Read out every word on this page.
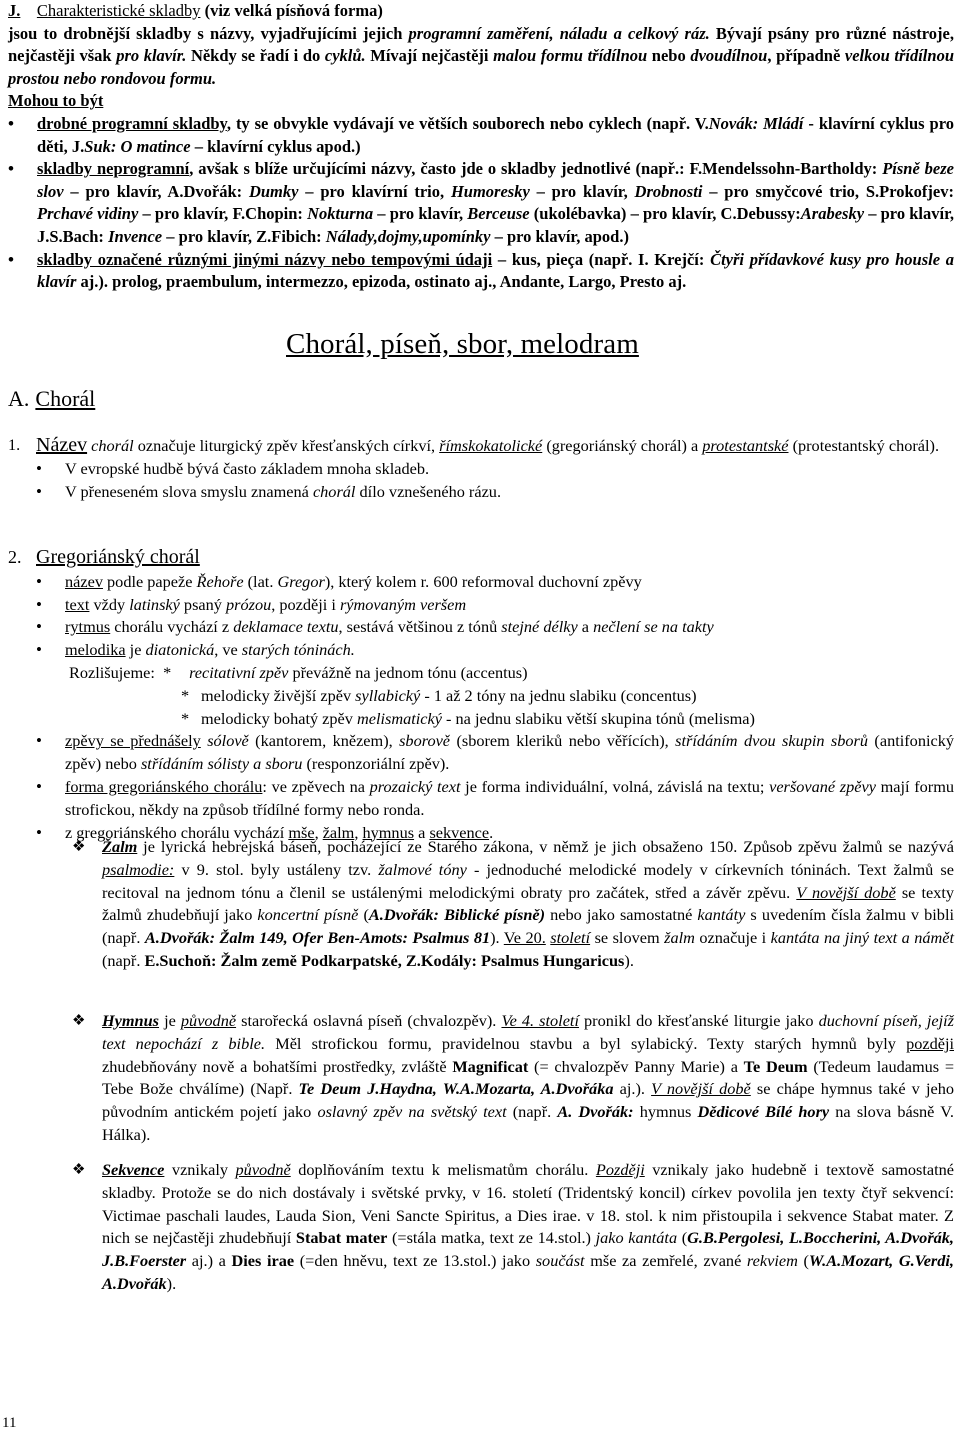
J. Charakteristické skladby (viz velká písňová forma)
jsou to drobnější skladby s názvy, vyjadřujícími jejich programní zaměření, náladu a celkový ráz. Bývají psány pro různé nástroje, nejčastěji však pro klavír. Někdy se řadí i do cyklů. Mívají nejčastěji malou formu třídílnou nebo dvoudílnou, případně velkou třídílnou prostou nebo rondovou formu.
Mohou to být
• drobné programní skladby, ty se obvykle vydávají ve větších souborech nebo cyklech (např. V.Novák: Mládí - klavírní cyklus pro děti, J.Suk: O matince – klavírní cyklus apod.)
• skladby neprogramní, avšak s blíže určujícími názvy, často jde o skladby jednotlivé (např.: F.Mendelssohn-Bartholdy: Písně beze slov – pro klavír, A.Dvořák: Dumky – pro klavírní trio, Humoresky – pro klavír, Drobnosti – pro smyčcové trio, S.Prokofjev: Prchavé vidiny – pro klavír, F.Chopin: Nokturna – pro klavír, Berceuse (ukolébavka) – pro klavír, C.Debussy:Arabesky – pro klavír, J.S.Bach: Invence – pro klavír, Z.Fibich: Nálady,dojmy,upomínky – pro klavír, apod.)
• skladby označené různými jinými názvy nebo tempovými údaji – kus, pieça (např. I. Krejčí: Čtyři přídavkové kusy pro housle a klavír aj.). prolog, praembulum, intermezzo, epizoda, ostinato aj., Andante, Largo, Presto aj.
Chorál, píseň, sbor, melodram
A. Chorál
1. Název chorál označuje liturgický zpěv křesťanských církví, římskokatolické (gregoriánský chorál) a protestantské (protestantský chorál).
• V evropské hudbě bývá často základem mnoha skladeb.
• V přeneseném slova smyslu znamená chorál dílo vznešeného rázu.
2. Gregoriánský chorál
• název podle papeže Řehoře (lat. Gregor), který kolem r. 600 reformoval duchovní zpěvy
• text vždy latinský psaný prózou, později i rýmovaným veršem
• rytmus chorálu vychází z deklamace textu, sestává většinou z tónů stejné délky a nečlení se na takty
• melodika je diatonická, ve starých tóninách.
Rozlišujeme: * recitativní zpěv převážně na jednom tónu (accentus)
* melodicky živější zpěv syllabický - 1 až 2 tóny na jednu slabiku (concentus)
* melodicky bohatý zpěv melismatický - na jednu slabiku větší skupina tónů (melisma)
• zpěvy se přednášely sólově (kantorem, knězem), sborově (sborem kleriků nebo věřících), střídáním dvou skupin sborů (antifonický zpěv) nebo střídáním sólisty a sboru (responzoriální zpěv).
• forma gregoriánského chorálu: ve zpěvech na prozaický text je forma individuální, volná, závislá na textu; veršované zpěvy mají formu strofickou, někdy na způsob třídílné formy nebo ronda.
• z gregoriánského chorálu vychází mše, žalm, hymnus a sekvence.
❖ Žalm je lyrická hebrejská báseň, pocházející ze Starého zákona, v němž je jich obsaženo 150. Způsob zpěvu žalmů se nazývá psalmodie: v 9. stol. byly ustáleny tzv. žalmové tóny - jednoduché melodické modely v církevních tóninách. Text žalmů se recitoval na jednom tónu a členil se ustálenými melodickými obraty pro začátek, střed a závěr zpěvu. V novější době se texty žalmů zhudebňují jako koncertní písně (A.Dvořák: Biblické písně) nebo jako samostatné kantáty s uvedením čísla žalmu v bibli (např. A.Dvořák: Žalm 149, Ofer Ben-Amots: Psalmus 81). Ve 20. století se slovem žalm označuje i kantáta na jiný text a námět (např. E.Suchoň: Žalm země Podkarpatské, Z.Kodály: Psalmus Hungaricus).
❖ Hymnus je původně starořecká oslavná píseň (chvalozpěv). Ve 4. století pronikl do křesťanské liturgie jako duchovní píseň, jejíž text nepochází z bible. Měl strofickou formu, pravidelnou stavbu a byl sylabický. Texty starých hymnů byly později zhudebňovány nově a bohatšími prostředky, zvláště Magnificat (= chvalozpěv Panny Marie) a Te Deum (Tedeum laudamus = Tebe Bože chválíme) (Např. Te Deum J.Haydna, W.A.Mozarta, A.Dvořáka aj.). V novější době se chápe hymnus také v jeho původním antickém pojetí jako oslavný zpěv na světský text (např. A. Dvořák: hymnus Dědicové Bílé hory na slova básně V. Hálka).
❖ Sekvence vznikaly původně doplňováním textu k melismatům chorálu. Později vznikaly jako hudebně i textově samostatné skladby. Protože se do nich dostávaly i světské prvky, v 16. století (Tridentský koncil) církev povolila jen texty čtyř sekvencí: Victimae paschali laudes, Lauda Sion, Veni Sancte Spiritus, a Dies irae. v 18. stol. k nim přistoupila i sekvence Stabat mater. Z nich se nejčastěji zhudebňují Stabat mater (=stála matka, text ze 14.stol.) jako kantáta (G.B.Pergolesi, L.Boccherini, A.Dvořák, J.B.Foerster aj.) a Dies irae (=den hněvu, text ze 13.stol.) jako součást mše za zemřelé, zvané rekviem (W.A.Mozart, G.Verdi, A.Dvořák).
11
